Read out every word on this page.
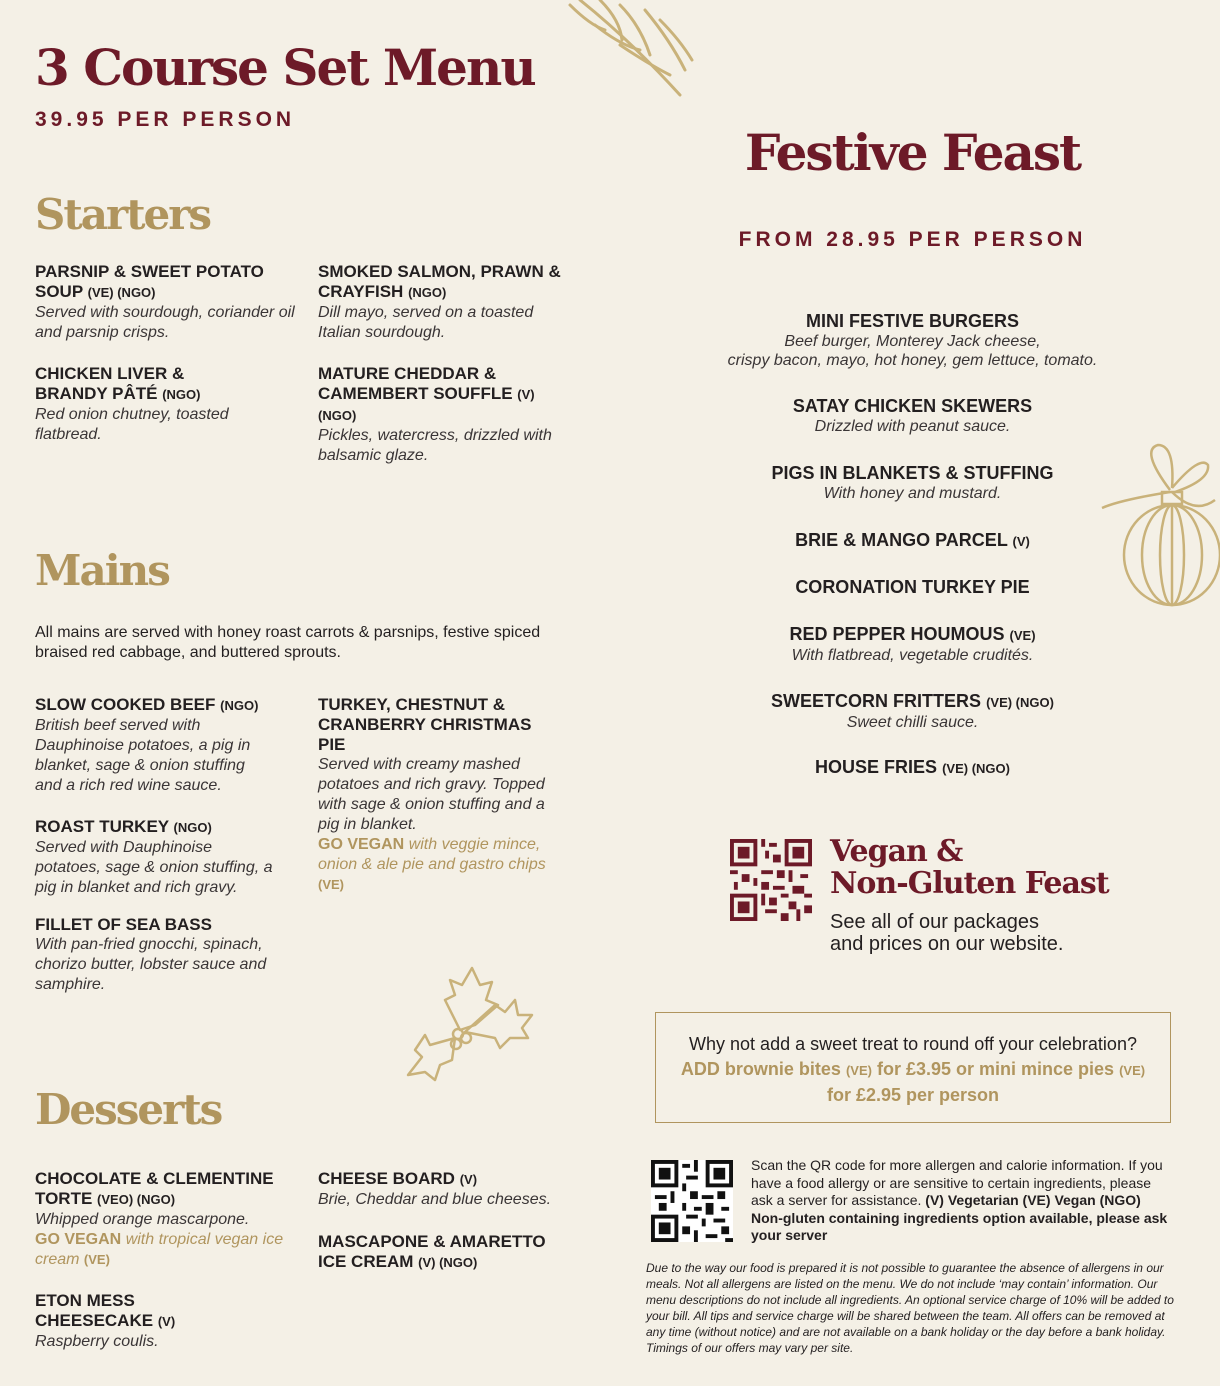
3 Course Set Menu
39.95 PER PERSON
Starters
PARSNIP & SWEET POTATO SOUP (VE) (NGO)

Served with sourdough, coriander oil and parsnip crisps.

SMOKED SALMON, PRAWN & CRAYFISH (NGO)

Dill mayo, served on a toasted Italian sourdough.

CHICKEN LIVER & BRANDY PÂTÉ (NGO)

Red onion chutney, toasted flatbread.

MATURE CHEDDAR & CAMEMBERT SOUFFLE (V) (NGO)

Pickles, watercress, drizzled with balsamic glaze.

Mains
All mains are served with honey roast carrots & parsnips, festive spiced braised red cabbage, and buttered sprouts.
SLOW COOKED BEEF (NGO)

British beef served with Dauphinoise potatoes, a pig in blanket, sage & onion stuffing and a rich red wine sauce.

TURKEY, CHESTNUT & CRANBERRY CHRISTMAS PIE

Served with creamy mashed potatoes and rich gravy. Topped with sage & onion stuffing and a pig in blanket.

GO VEGAN with veggie mince, onion & ale pie and gastro chips (VE)
ROAST TURKEY (NGO)

Served with Dauphinoise potatoes, sage & onion stuffing, a pig in blanket and rich gravy.

FILLET OF SEA BASS

With pan-fried gnocchi, spinach, chorizo butter, lobster sauce and samphire.

Desserts
CHOCOLATE & CLEMENTINE TORTE (VEO) (NGO)

Whipped orange mascarpone.

GO VEGAN with tropical vegan ice cream (VE)
CHEESE BOARD (V)

Brie, Cheddar and blue cheeses.

MASCAPONE & AMARETTO ICE CREAM (V) (NGO)
ETON MESS CHEESECAKE (V)

Raspberry coulis.

Festive Feast
FROM 28.95 PER PERSON
MINI FESTIVE BURGERS

Beef burger, Monterey Jack cheese,

crispy bacon, mayo, hot honey, gem lettuce, tomato.

SATAY CHICKEN SKEWERS

Drizzled with peanut sauce.

PIGS IN BLANKETS & STUFFING

With honey and mustard.

BRIE & MANGO PARCEL (V)
CORONATION TURKEY PIE
RED PEPPER HOUMOUS (VE)

With flatbread, vegetable crudités.

SWEETCORN FRITTERS (VE) (NGO)

Sweet chilli sauce.

HOUSE FRIES (VE) (NGO)
Vegan &
Non-Gluten Feast
See all of our packages
and prices on our website.
Why not add a sweet treat to round off your celebration?
ADD brownie bites (VE) for £3.95 or mini mince pies (VE)
for £2.95 per person
Scan the QR code for more allergen and calorie information. If you have a food allergy or are sensitive to certain ingredients, please ask a server for assistance. (V) Vegetarian (VE) Vegan (NGO) Non-gluten containing ingredients option available, please ask your server
Due to the way our food is prepared it is not possible to guarantee the absence of allergens in our meals. Not all allergens are listed on the menu. We do not include ‘may contain’ information. Our menu descriptions do not include all ingredients. An optional service charge of 10% will be added to your bill. All tips and service charge will be shared between the team. All offers can be removed at any time (without notice) and are not available on a bank holiday or the day before a bank holiday. Timings of our offers may vary per site.
